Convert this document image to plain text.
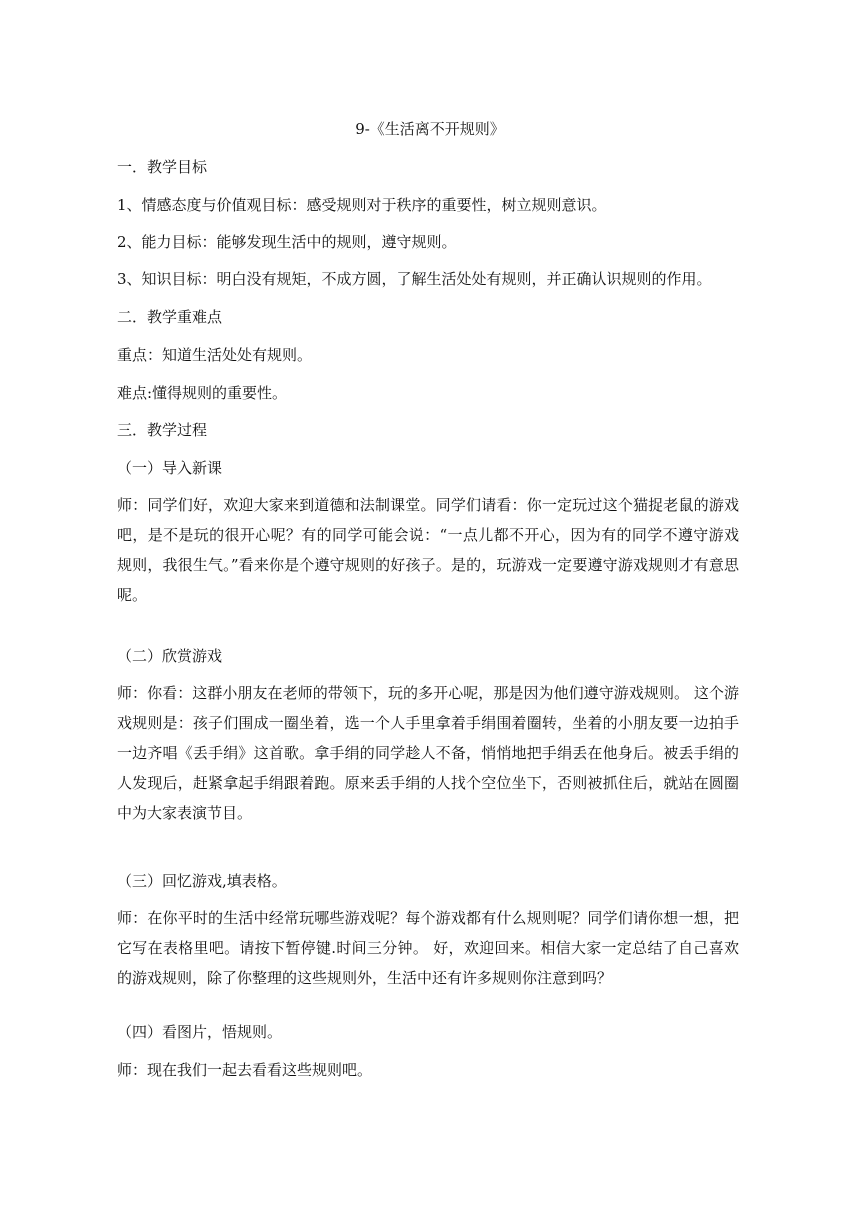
9-《生活离不开规则》
一．教学目标
1、情感态度与价值观目标：感受规则对于秩序的重要性，树立规则意识。
2、能力目标：能够发现生活中的规则，遵守规则。
3、知识目标：明白没有规矩，不成方圆，了解生活处处有规则，并正确认识规则的作用。
二．教学重难点
重点：知道生活处处有规则。
难点:懂得规则的重要性。
三．教学过程
（一）导入新课
师：同学们好，欢迎大家来到道德和法制课堂。同学们请看：你一定玩过这个猫捉老鼠的游戏吧，是不是玩的很开心呢？有的同学可能会说：“一点儿都不开心，因为有的同学不遵守游戏规则，我很生气。”看来你是个遵守规则的好孩子。是的，玩游戏一定要遵守游戏规则才有意思呢。
（二）欣赏游戏
师：你看：这群小朋友在老师的带领下，玩的多开心呢，那是因为他们遵守游戏规则。 这个游戏规则是：孩子们围成一圈坐着，选一个人手里拿着手绢围着圈转，坐着的小朋友要一边拍手一边齐唱《丢手绢》这首歌。拿手绢的同学趁人不备，悄悄地把手绢丢在他身后。被丢手绢的人发现后，赶紧拿起手绢跟着跑。原来丢手绢的人找个空位坐下，否则被抓住后，就站在圆圈中为大家表演节目。
（三）回忆游戏,填表格。
师：在你平时的生活中经常玩哪些游戏呢？每个游戏都有什么规则呢？同学们请你想一想，把它写在表格里吧。请按下暂停键.时间三分钟。 好，欢迎回来。相信大家一定总结了自己喜欢的游戏规则，除了你整理的这些规则外，生活中还有许多规则你注意到吗？
（四）看图片，悟规则。
师：现在我们一起去看看这些规则吧。
